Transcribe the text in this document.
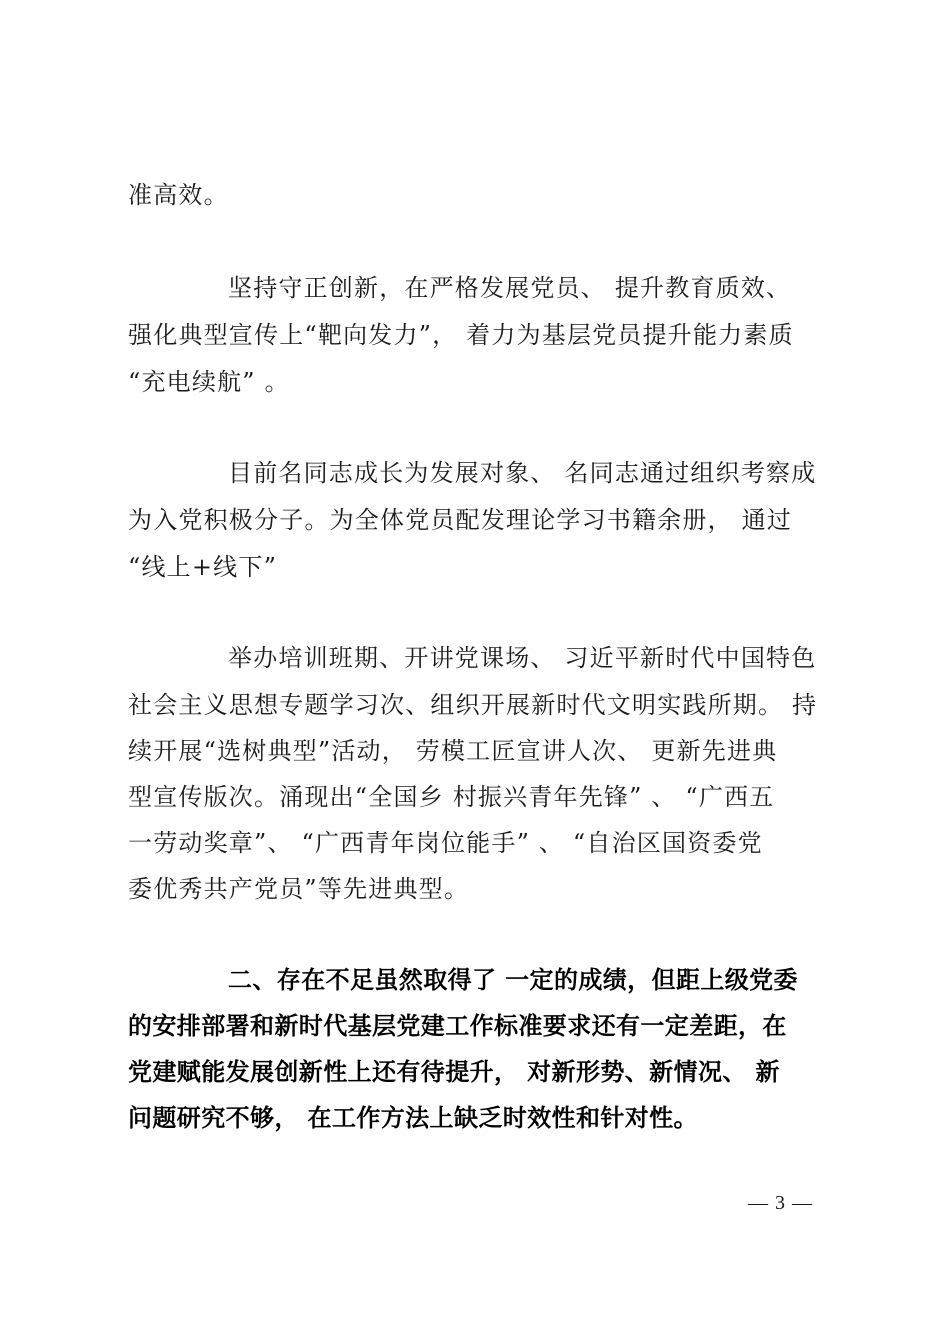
准高效。
坚持守正创新，在严格发展党员、 提升教育质效、
强化典型宣传上“靶向发力”， 着力为基层党员提升能力素质
“充电续航” 。
目前名同志成长为发展对象、 名同志通过组织考察成
为入党积极分子。为全体党员配发理论学习书籍余册， 通过
“线上+线下”
举办培训班期、开讲党课场、 习近平新时代中国特色
社会主义思想专题学习次、组织开展新时代文明实践所期。 持
续开展“选树典型”活动， 劳模工匠宣讲人次、 更新先进典
型宣传版次。涌现出“全国乡 村振兴青年先锋” 、 “广西五
一劳动奖章”、 “广西青年岗位能手” 、 “自治区国资委党
委优秀共产党员”等先进典型。
二、存在不足虽然取得了 一定的成绩，但距上级党委
的安排部署和新时代基层党建工作标准要求还有一定差距，在
党建赋能发展创新性上还有待提升， 对新形势、新情况、 新
问题研究不够， 在工作方法上缺乏时效性和针对性。
— 3 —
